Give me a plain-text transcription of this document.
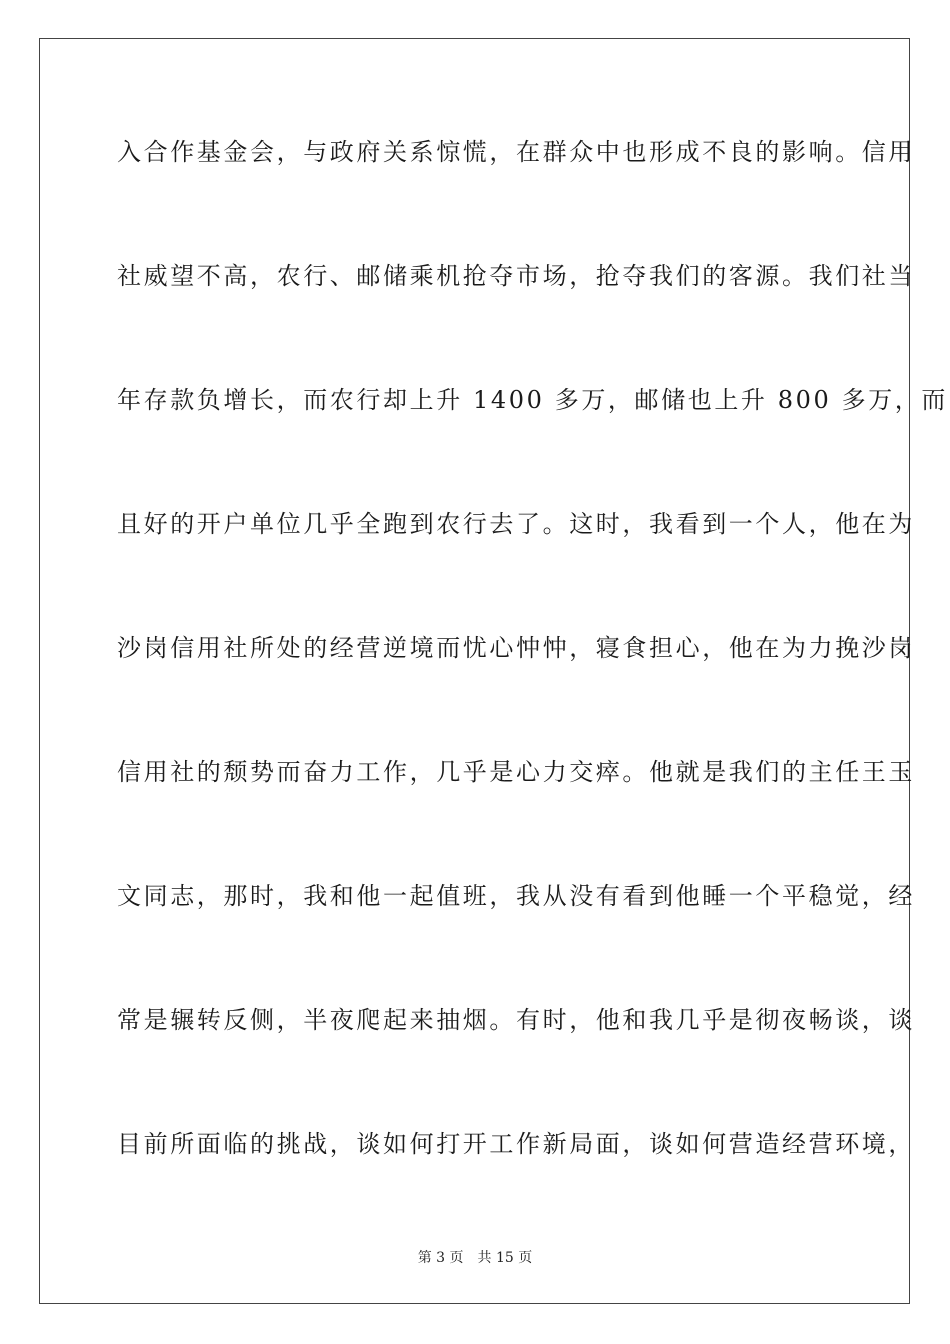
入合作基金会，与政府关系惊慌，在群众中也形成不良的影响。信用
社威望不高，农行、邮储乘机抢夺市场，抢夺我们的客源。我们社当
年存款负增长，而农行却上升 1400 多万，邮储也上升 800 多万，而
且好的开户单位几乎全跑到农行去了。这时，我看到一个人，他在为
沙岗信用社所处的经营逆境而忧心忡忡，寝食担心，他在为力挽沙岗
信用社的颓势而奋力工作，几乎是心力交瘁。他就是我们的主任王玉
文同志，那时，我和他一起值班，我从没有看到他睡一个平稳觉，经
常是辗转反侧，半夜爬起来抽烟。有时，他和我几乎是彻夜畅谈，谈
目前所面临的挑战，谈如何打开工作新局面，谈如何营造经营环境，
第 3 页 共 15 页
